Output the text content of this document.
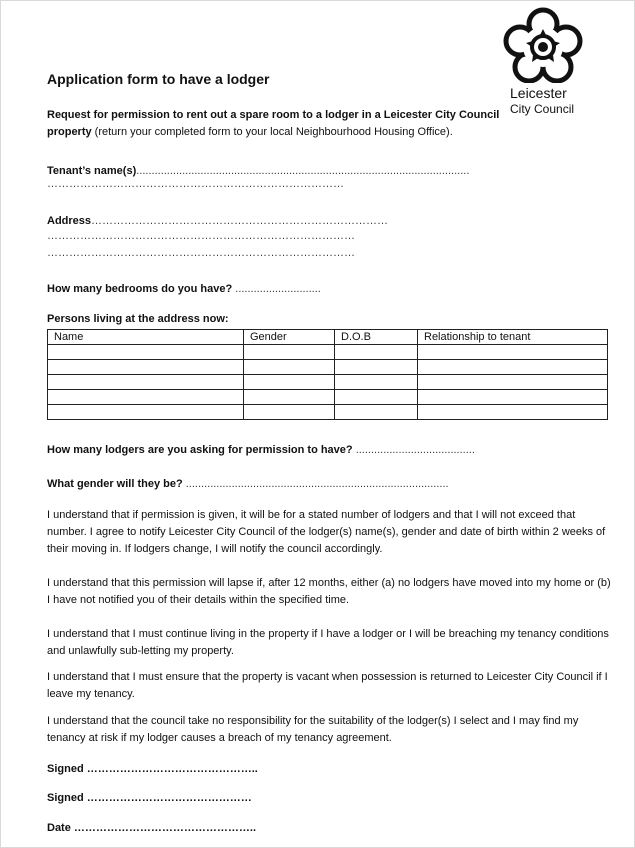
Leicester
City Council
Application form to have a lodger
Request for permission to rent out a spare room to a lodger in a Leicester City Council property (return your completed form to your local Neighbourhood Housing Office).
Tenant’s name(s).............................................................................................................
………………………………………………………………………
Address………………………………………………………………………
…………………………………………………………………………
…………………………………………………………………………
How many bedrooms do you have? ............................
Persons living at the address now:
Name	Gender	D.O.B	Relationship to tenant

How many lodgers are you asking for permission to have? .......................................
What gender will they be? ......................................................................................
I understand that if permission is given, it will be for a stated number of lodgers and that I will not exceed that number. I agree to notify Leicester City Council of the lodger(s) name(s), gender and date of birth within 2 weeks of their moving in. If lodgers change, I will notify the council accordingly.
I understand that this permission will lapse if, after 12 months, either (a) no lodgers have moved into my home or (b) I have not notified you of their details within the specified time.
I understand that I must continue living in the property if I have a lodger or I will be breaching my tenancy conditions and unlawfully sub-letting my property.
I understand that I must ensure that the property is vacant when possession is returned to Leicester City Council if I leave my tenancy.
I understand that the council take no responsibility for the suitability of the lodger(s) I select and I may find my tenancy at risk if my lodger causes a breach of my tenancy agreement.
Signed ………………………………………..
Signed ………………………………………
Date …………………………………………..
